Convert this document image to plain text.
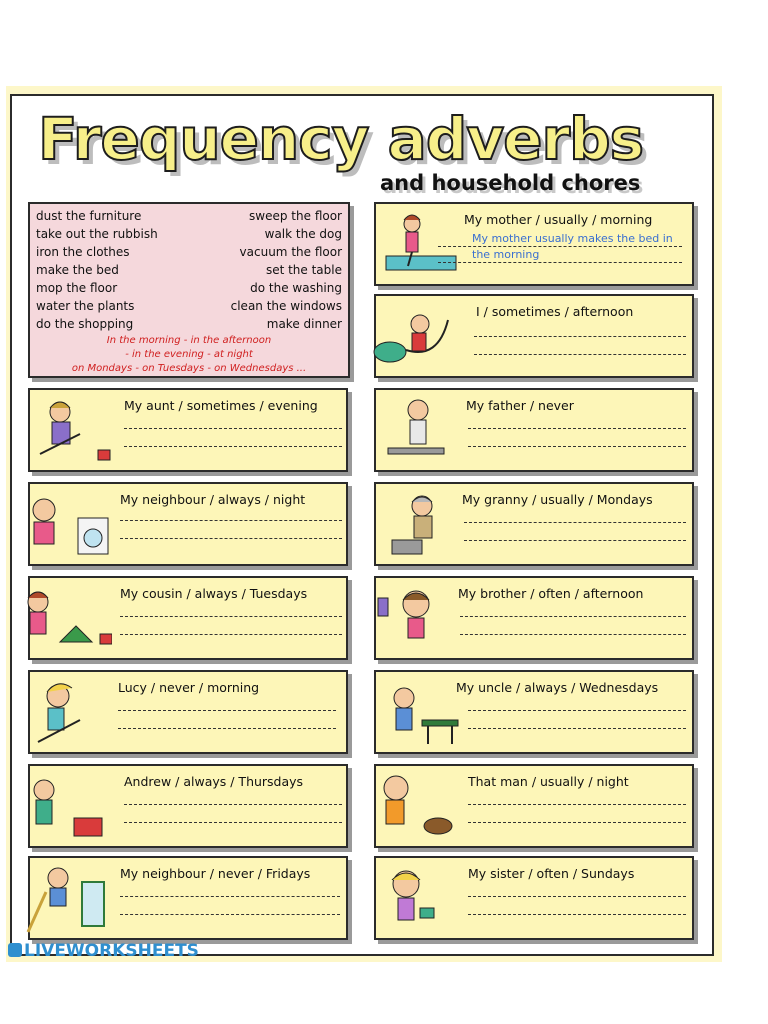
Frequency adverbs
and household chores
dust the furniture	sweep the floor
take out the rubbish	walk the dog
iron the clothes	vacuum the floor
make the bed	set the table
mop the floor	do the washing
water the plants	clean the windows
do the shopping	make dinner
In the morning - in the afternoon
- in the evening - at night
on Mondays - on Tuesdays - on Wednesdays ...
My mother / usually / morning
My mother usually makes the bed in
the morning
I / sometimes / afternoon
My aunt / sometimes / evening	My father / never
My neighbour / always / night	My granny / usually / Mondays
My cousin / always / Tuesdays	My brother / often / afternoon
Lucy / never / morning	My uncle / always / Wednesdays
Andrew / always / Thursdays	That man / usually / night
My neighbour / never / Fridays	My sister / often / Sundays
LIVEWORKSHEETS
